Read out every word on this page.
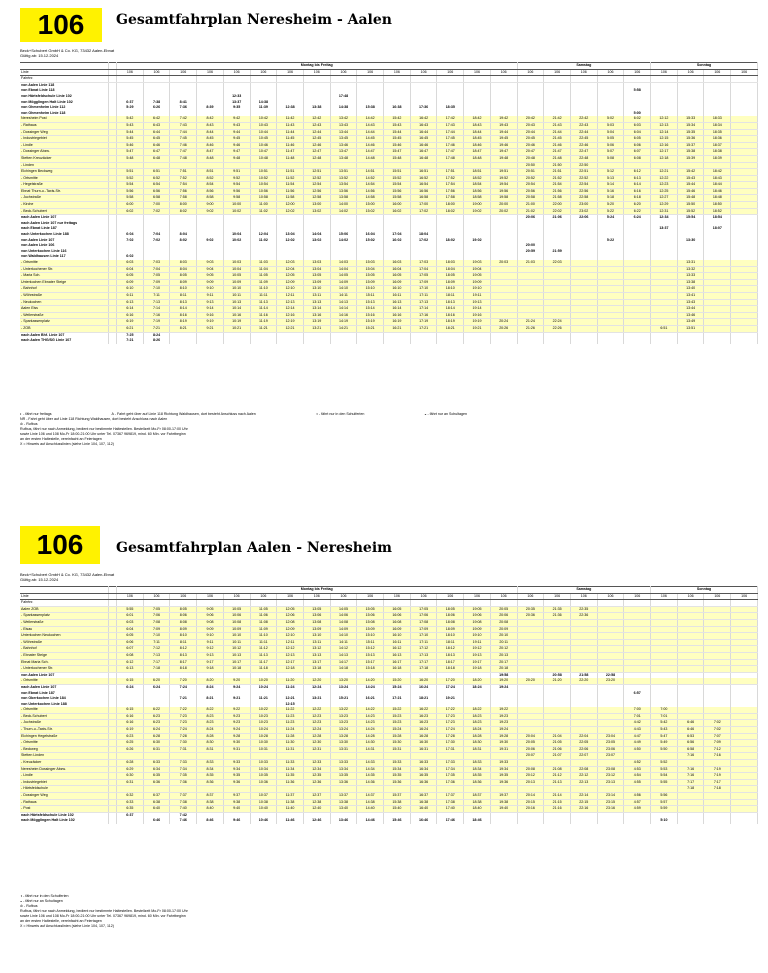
106	Gesamtfahrplan Neresheim - Aalen
Beck+Schubert GmbH & Co. KG, 73432 Aalen-Ebnat
Gültig ab: 15.12.2024
		Montag bis Freitag															Samstag					Sonntag			
Linie		106	106	106	106	106	106	106	106	106	106	106	106	106	106	106	106	106	106	106	106	106	106	106	106
Fahrtnr.																									
von Aalen Linie 118																									
von Ebnat Linie 118																					5:58				
von Härtsfeldschule Linie 102						12:33				17:48															
von Mögglingen Halt Linie 102		6:37	7:38	8:41		13:37	14:38																		
von Ohmenheim Linie 112		5:29	6:26	7:36	8:39	9:35	11:39	12:38	13:38	14:38	15:38	16:38	17:36	18:35											
von Ohmenheim Linie 118																					5:00				
Neresheim Post		5:42	6:42	7:42	8:42	9:42	10:42	11:42	12:42	13:42	14:42	15:42	16:42	17:42	18:42	19:42	20:42	21:42	22:42	5:02	6:02	12:12	15:33	18:33	
- Rathaus		5:43	6:43	7:43	8:43	9:43	10:43	11:43	12:43	13:43	14:43	15:43	16:43	17:43	18:43	19:43	20:43	21:43	22:43	5:03	6:03	12:13	15:34	18:34	
- Dossinger Weg		5:44	6:44	7:44	8:44	9:44	10:44	11:44	12:44	13:44	14:44	15:44	16:44	17:44	18:44	19:44	20:44	21:44	22:44	5:04	6:04	12:14	15:35	18:35	
- Industriegebiet		5:45	6:45	7:45	8:45	9:45	10:45	11:45	12:45	13:45	14:45	15:45	16:45	17:45	18:45	19:45	20:45	21:45	22:45	5:05	6:05	12:15	15:36	18:36	
- Lindle		5:46	6:46	7:46	8:46	9:46	10:46	11:46	12:46	13:46	14:46	15:46	16:46	17:46	18:46	19:46	20:46	21:46	22:46	5:06	6:06	12:16	15:37	18:37	
- Dossinger Abzw.		5:47	6:47	7:47	8:47	9:47	10:47	11:47	12:47	13:47	14:47	15:47	16:47	17:47	18:47	19:47	20:47	21:47	22:47	5:07	6:07	12:17	15:38	18:38	
Stetten Kreuzäcker		5:48	6:48	7:48	8:48	9:48	10:48	11:48	12:48	13:48	14:48	15:48	16:48	17:48	18:48	19:48	20:48	21:48	22:48	5:08	6:08	12:18	15:39	18:39	
- Linden																	20:50	21:50	22:50						
Elchingen Beckweg		5:51	6:51	7:51	8:51	9:51	10:51	11:51	12:51	13:51	14:51	15:51	16:51	17:51	18:51	19:51	20:51	21:51	22:51	5:12	6:12	12:21	15:42	18:42	
- Ortsmitte		5:52	6:52	7:52	8:52	9:52	10:52	11:52	12:52	13:52	14:52	15:52	16:52	17:52	18:52	19:52	20:52	21:52	22:52	5:13	6:13	12:22	15:43	18:43	
- Hegelstraße		5:54	6:54	7:54	8:54	9:54	10:54	11:54	12:54	13:54	14:54	15:54	16:54	17:54	18:54	19:54	20:54	21:54	22:54	5:14	6:14	12:23	15:44	18:44	
Ebnat Thurn-u.-Taxis-Str.		5:56	6:56	7:56	8:56	9:56	10:56	11:56	12:56	13:56	14:56	15:56	16:56	17:56	18:56	19:56	20:56	21:56	22:56	5:16	6:16	12:25	15:46	18:46	
- Juchstraße		5:58	6:58	7:58	8:58	9:58	10:58	11:58	12:58	13:58	14:58	15:58	16:58	17:58	18:58	19:58	20:58	21:58	22:58	5:18	6:18	12:27	15:48	18:48	
- Kirche		6:00	7:00	8:00	9:00	10:00	11:00	12:00	13:00	14:00	15:00	16:00	17:00	18:00	19:00	20:00	21:00	22:00	23:00	5:20	6:20	12:29	15:50	18:50	
- Beck-Schubert		6:02	7:02	8:02	9:02	10:02	11:02	12:02	13:02	14:02	15:02	16:02	17:02	18:02	19:02	20:02	21:02	22:02	23:02	5:22	6:22	12:31	15:52	18:52	
nach Aalen Linie 107																	20:06	21:06	22:06	5:24	6:24	12:34	15:54	18:54	
nach Aalen Linie 107 nur freitags																									
nach Ebnat Linie 187																						13:37		18:07	
nach Unterkochen Linie 188		6:04	7:04	8:04		10:04	12:04	13:04	14:04	15:06	16:04	17:04	18:04												
von Aalen Linie 107		7:02	7:02	8:02	9:02	10:02	11:02	12:02	13:02	14:02	15:02	16:02	17:02	18:02	19:02					5:22			13:30		
von Aalen Linie 106																	20:00								
von Unterkochen Linie 116																	20:59	21:59							
von Waldhausen Linie 117		6:02																							
- Ortsmitte		6:03	7:03	8:03	9:03	10:03	11:03	12:03	13:03	14:03	15:03	16:03	17:03	18:03	19:03	20:03	21:03	22:03					13:31		
- Unterkochener Str.		6:04	7:04	8:04	9:04	10:04	11:04	12:04	13:04	14:04	15:04	16:04	17:04	18:04	19:04								13:32		
- Maria Sch.		6:05	7:05	8:05	9:05	10:05	11:05	12:05	13:05	14:05	15:05	16:05	17:05	18:05	19:05								13:33		
Unterkochen Ebnater Steige		6:09	7:09	8:09	9:09	10:09	11:09	12:09	13:09	14:09	15:09	16:09	17:09	18:09	19:09								13:38		
- Bahnhof		6:10	7:10	8:10	9:10	10:10	11:10	12:10	13:10	14:10	15:10	16:10	17:10	18:10	19:10								13:40		
- Wöhrstraße		6:11	7:11	8:11	9:11	10:11	11:11	12:11	13:11	14:11	15:11	16:11	17:11	18:11	19:11								13:41		
- Neukochen		6:13	7:13	8:13	9:13	10:13	11:13	12:13	13:13	14:13	15:13	16:13	17:13	18:13	19:13								13:43		
Aalen Eiss		6:14	7:14	8:14	9:14	10:14	11:14	12:14	13:14	14:14	15:14	16:14	17:14	18:14	19:14								13:44		
- Weilerstraße		6:16	7:16	8:16	9:16	10:16	11:16	12:16	13:16	14:16	15:16	16:16	17:16	18:16	19:16								13:46		
- Sparkassenplatz		6:19	7:19	8:19	9:19	10:19	11:19	12:19	13:19	14:19	15:19	16:19	17:19	18:19	19:19	20:24	21:24	22:24					13:49		
- ZOB		6:21	7:21	8:21	9:21	10:21	11:21	12:21	13:21	14:21	15:21	16:21	17:21	18:21	19:21	20:26	21:26	22:26				6:51	13:51		
nach Aalen Bhf. Linie 107		7:25	8:24																						
nach Aalen THG/SG Linie 107		7:21	8:26																						
◐ - fährt nur freitags	A - Fahrt geht über auf Linie 118 Richtung Waldhausen, dort besteht Anschluss nach Aalen	◑ - fährt nur in den Schulferien	◒ - fährt nur an Schultagen
NR - Fahrt geht über auf Linie 118 Richtung Waldhausen, dort besteht Anschluss nach Aalen
⊘ - Rufbus
Rufbus, fährt nur nach Anmeldung, bedient nur bestimmte Haltestellen. Bestellzeit Mo-Fr 08:00-17:00 Uhr
sowie Linie 106 und 108 Mo-Fr 18:00-21:00 Uhr unter Tel. 07367 969819, mind. 60 Min. vor Fahrtbeginn
an der ersten Haltestelle, vereinfacht an Feiertagen
X = Hinweis auf Anschlusslinien (siehe Linie 104, 107, 112)
106	Gesamtfahrplan Aalen - Neresheim
Beck+Schubert GmbH & Co. KG, 73432 Aalen-Ebnat
Gültig ab: 15.12.2024
		Montag bis Freitag															Samstag					Sonntag			
Linie		106	106	106	106	106	106	106	106	106	106	106	106	106	106	106	106	106	106	106	106	106	106	106	106
Fahrtnr.																									
Aalen ZOB		5:55	7:05	8:05	9:05	10:05	11:05	12:05	13:05	14:05	15:05	16:05	17:05	18:05	19:05	20:05	20:35	21:35	22:35						
- Sparkassenplatz		6:01	7:06	8:06	9:06	10:06	11:06	12:06	13:06	14:06	15:06	16:06	17:06	18:06	19:06	20:06	20:36	21:36	22:36						
- Weilerstraße		6:03	7:08	8:08	9:08	10:08	11:08	12:08	13:08	14:08	15:08	16:08	17:08	18:08	19:08	20:08									
- Eisau		6:04	7:09	8:09	9:09	10:09	11:09	12:09	13:09	14:09	15:09	16:09	17:09	18:09	19:09	20:09									
Unterkochen Neukochen		6:05	7:10	8:10	9:10	10:10	11:10	12:10	13:10	14:10	15:10	16:10	17:10	18:10	19:10	20:10									
- Wöhrstraße		6:06	7:11	8:11	9:11	10:11	11:11	12:11	13:11	14:11	15:11	16:11	17:11	18:11	19:11	20:11									
- Bahnhof		6:07	7:12	8:12	9:12	10:12	11:12	12:12	13:12	14:12	15:12	16:12	17:12	18:12	19:12	20:12									
- Ebnater Steige		6:08	7:13	8:13	9:13	10:13	11:13	12:13	13:13	14:13	15:13	16:13	17:13	18:13	19:13	20:13									
Ebnat Maria Sch.		6:12	7:17	8:17	9:17	10:17	11:17	12:17	13:17	14:17	15:17	16:17	17:17	18:17	19:17	20:17									
- Unterkochener Str.		6:13	7:18	8:18	9:18	10:18	11:18	12:18	13:18	14:18	15:18	16:18	17:18	18:18	19:18	20:18									
von Aalen Linie 107																19:58		20:58	21:58	22:58					
- Ortsmitte		6:15	6:20	7:20	8:20	9:20	10:20	11:20	12:20	13:20	14:20	15:20	16:20	17:20	18:20	19:20	20:20	21:20	22:20	23:20					
nach Aalen Linie 107		6:24	6:24	7:24	8:24	9:24	10:24	11:24	12:24	13:24	14:24	15:24	16:24	17:24	18:24	19:24									
von Ebnat Linie 187																					6:57				
von Oberkochen Linie 184				7:21	8:21	9:21	11:21	12:21	13:21	15:21	16:21	17:21	18:21	19:21											
von Unterkochen Linie 188								12:15																	
- Ortsmitte		6:15	6:22	7:22	8:22	9:22	10:22	11:22	12:22	13:22	14:22	15:22	16:22	17:22	18:22	19:22					7:00	7:00			
- Beck-Schubert		6:16	6:23	7:23	8:23	9:23	10:23	11:23	12:23	13:23	14:23	15:23	16:23	17:23	18:23	19:23					7:01	7:01			
- Juchstraße		6:16	6:23	7:23	8:23	9:23	10:23	11:23	12:23	13:23	14:23	15:23	16:23	17:23	18:23	19:23					4:42	5:42	6:46	7:02	
- Thurn-u.-Taxis-Str.		6:19	6:24	7:24	8:24	9:24	10:24	11:24	12:24	13:24	14:24	15:24	16:24	17:24	18:24	19:24					4:43	5:43	6:46	7:02	
Elchingen Hegelstraße		6:23	6:28	7:28	8:28	9:28	10:28	11:28	12:28	13:28	14:28	15:28	16:28	17:28	18:28	19:28	20:04	21:04	22:04	23:04	4:47	5:47	6:53	7:07	
- Ortsmitte		6:25	6:30	7:30	8:30	9:30	10:30	11:30	12:30	13:30	14:30	15:30	16:30	17:30	18:30	19:30	20:05	21:05	22:05	23:05	4:49	5:49	6:56	7:09	
- Beckweg		6:26	6:31	7:31	8:31	9:31	10:31	11:31	12:31	13:31	14:31	15:31	16:31	17:31	18:31	19:31	20:06	21:06	22:06	23:06	4:50	5:50	6:58	7:12	
Stetten Linden																	20:07	21:07	22:07	23:07			7:16	7:16	
- Kreuzäcker		6:28	6:33	7:33	8:33	9:33	10:33	11:33	12:33	13:33	14:33	15:33	16:33	17:33	18:33	19:33					4:52	5:52			
Neresheim Dossinger Abzw.		6:29	6:34	7:34	8:34	9:34	10:34	11:34	12:34	13:34	14:34	15:34	16:34	17:34	18:34	19:34	20:08	21:08	22:08	23:08	4:53	5:53	7:16	7:19	
- Lindle		6:30	6:35	7:35	8:35	9:35	10:35	11:35	12:35	13:35	14:35	15:35	16:35	17:35	18:35	19:35	20:12	21:12	22:12	23:12	4:54	5:54	7:16	7:19	
- Industriegebiet		6:31	6:36	7:36	8:36	9:36	10:36	11:36	12:36	13:36	14:36	15:36	16:36	17:36	18:36	19:36	20:13	21:13	22:13	23:13	4:55	5:55	7:17	7:17	
- Härtsfeldschule																							7:18	7:18	
- Dossinger Weg		6:32	6:37	7:37	8:37	9:37	10:37	11:37	12:37	13:37	14:37	15:37	16:37	17:37	18:37	19:37	20:14	21:14	22:14	23:14	4:56	5:56			
- Rathaus		6:33	6:38	7:38	8:38	9:38	10:38	11:38	12:38	13:38	14:38	15:38	16:38	17:38	18:38	19:38	20:15	21:15	22:15	23:15	4:57	5:57			
- Post		6:35	6:40	7:40	8:40	9:40	10:40	11:40	12:40	13:40	14:40	15:40	16:40	17:40	18:40	19:40	20:16	21:16	22:16	23:16	4:59	5:59			
nach Härtsfeldschule Linie 102		6:37		7:42																					
nach Mögglingen Halt Linie 102			6:46	7:46	8:46	9:46	10:46	11:46	12:46	13:46	14:46	15:46	16:46	17:46	18:46							5:10			
◑ - fährt nur in den Schulferien
◒ - fährt nur an Schultagen
⊘ - Rufbus
Rufbus, fährt nur nach Anmeldung, bedient nur bestimmte Haltestellen. Bestellzeit Mo-Fr 08:00-17:00 Uhr
sowie Linie 106 und 108 Mo-Fr 18:00-21:00 Uhr unter Tel. 07367 969819, mind. 60 Min. vor Fahrtbeginn
an der ersten Haltestelle, vereinfacht an Feiertagen
X = Hinweis auf Anschlusslinien (siehe Linie 104, 107, 112)
